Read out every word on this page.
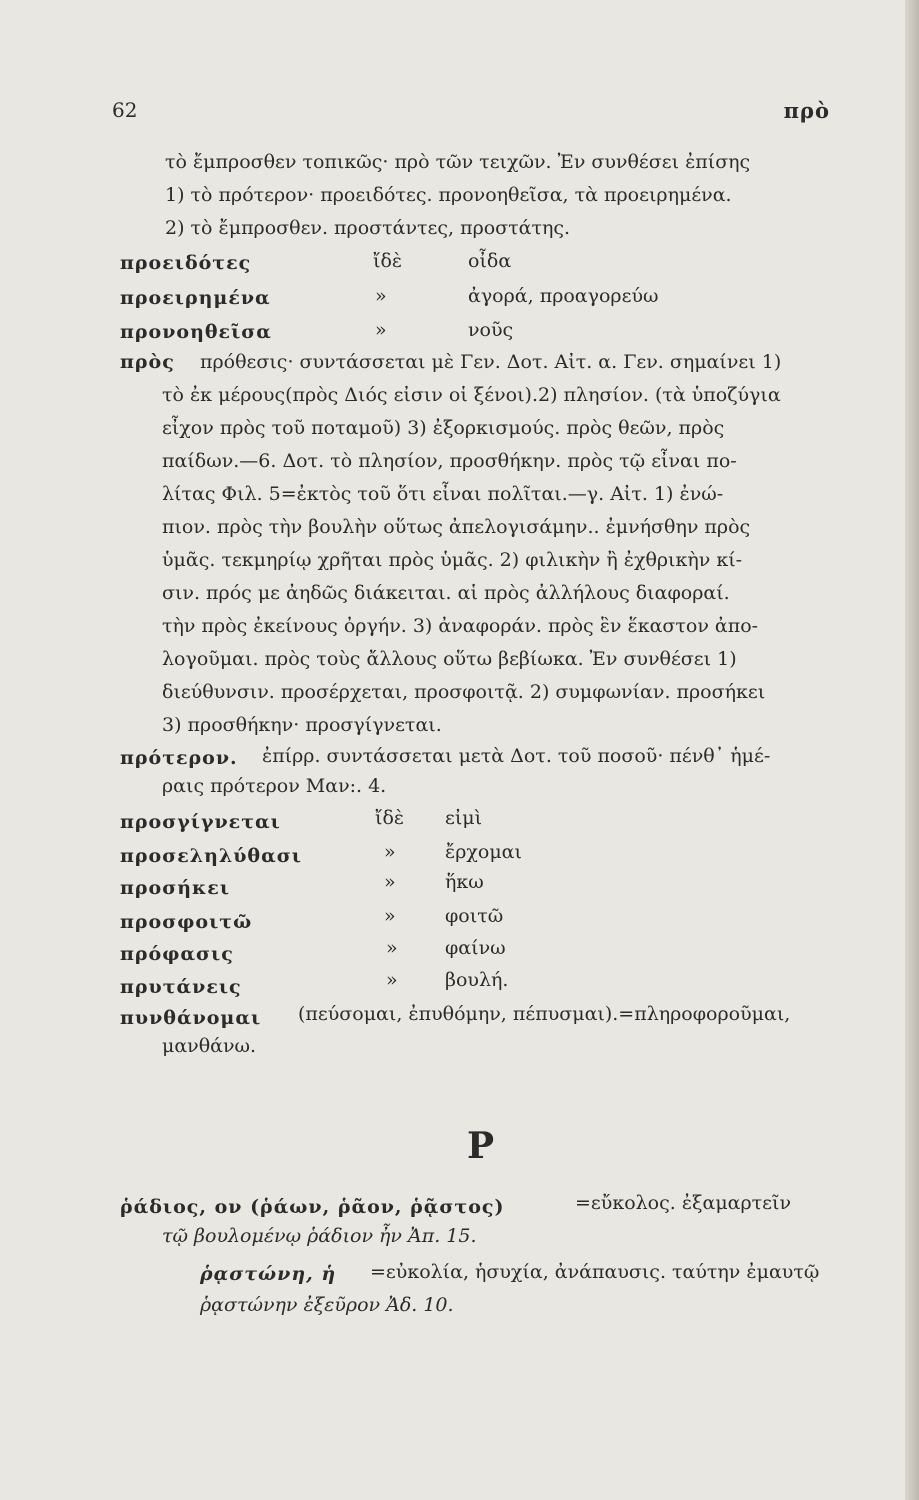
62	πρὸ
τὸ ἔμπροσθεν τοπικῶς· πρὸ τῶν τειχῶν. Ἐν συνθέσει ἐπίσης
1) τὸ πρότερον· προειδότες. προνοηθεῖσα, τὰ προειρημένα.
2) τὸ ἔμπροσθεν. προστάντες, προστάτης.
προειδότες	ἴδὲ	οἶδα
προειρημένα	»	ἀγορά, προαγορεύω
προνοηθεῖσα	»	νοῦς
πρὸς πρόθεσις· συντάσσεται μὲ Γεν. Δοτ. Αἰτ. α. Γεν. σημαίνει 1)
τὸ ἐκ μέρους(πρὸς Διός εἰσιν οἱ ξένοι).2) πλησίον. (τὰ ὑποζύγια
εἶχον πρὸς τοῦ ποταμοῦ) 3) ἐξορκισμούς. πρὸς θεῶν, πρὸς
παίδων.—6. Δοτ. τὸ πλησίον, προσθήκην. πρὸς τῷ εἶναι πο-
λίτας Φιλ. 5=ἐκτὸς τοῦ ὅτι εἶναι πολῖται.—γ. Αἰτ. 1) ἐνώ-
πιον. πρὸς τὴν βουλὴν οὕτως ἀπελογισάμην.. ἐμνήσθην πρὸς
ὑμᾶς. τεκμηρίῳ χρῆται πρὸς ὑμᾶς. 2) φιλικὴν ἢ ἐχθρικὴν κί-
σιν. πρός με ἀηδῶς διάκειται. αἱ πρὸς ἀλλήλους διαφοραί.
τὴν πρὸς ἐκείνους ὀργήν. 3) ἀναφοράν. πρὸς ἓν ἕκαστον ἀπο-
λογοῦμαι. πρὸς τοὺς ἄλλους οὕτω βεβίωκα. Ἐν συνθέσει 1)
διεύθυνσιν. προσέρχεται, προσφοιτᾷ. 2) συμφωνίαν. προσήκει
3) προσθήκην· προσγίγνεται.
πρότερον. ἐπίρρ. συντάσσεται μετὰ Δοτ. τοῦ ποσοῦ· πένθ᾽ ἡμέ-
ραις πρότερον Μαν:. 4.
προσγίγνεται	ἴδὲ εἰμὶ
προσεληλύθασι	»	ἔρχομαι
προσήκει	»	ἥκω
προσφοιτῶ	»	φοιτῶ
πρόφασις	» φαίνω
πρυτάνεις	» βουλή.
πυνθάνομαι (πεύσομαι, ἐπυθόμην, πέπυσμαι).=πληροφοροῦμαι,
μανθάνω.
Ρ
ῥάδιος, ον (ῥάων, ῥᾶον, ῥᾷστος)	=εὔκολος. ἐξαμαρτεῖν
τῷ βουλομένῳ ῥάδιον ἦν Ἀπ. 15.
ῥᾳστώνη, ἡ =εὐκολία, ἡσυχία, ἀνάπαυσις. ταύτην ἐμαυτῷ
ῥᾳστώνην ἐξεῦρον Ἀδ. 10.
